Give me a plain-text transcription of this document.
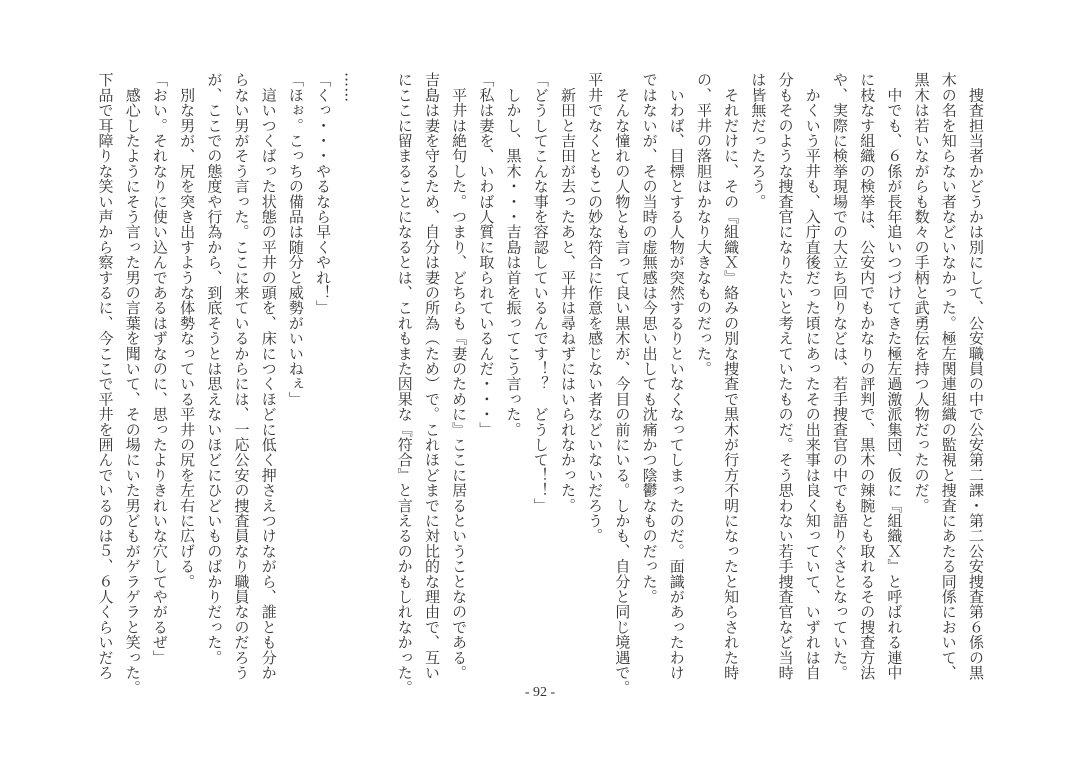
　捜査担当者かどうかは別にして、公安職員の中で公安第二課・第二公安捜査第６係の黒
木の名を知らない者などいなかった。極左関連組織の監視と捜査にあたる同係において、
黒木は若いながらも数々の手柄と武勇伝を持つ人物だったのだ。
　中でも、６係が長年追いつづけてきた極左過激派集団、仮に『組織Ｘ』と呼ばれる連中
に枝なす組織の検挙は、公安内でもかなりの評判で、黒木の辣腕とも取れるその捜査方法
や、実際に検挙現場での大立ち回りなどは、若手捜査官の中でも語りぐさとなっていた。
　かくいう平井も、入庁直後だった頃にあったその出来事は良く知っていて、いずれは自
分もそのような捜査官になりたいと考えていたものだ。そう思わない若手捜査官など当時
は皆無だったろう。
　それだけに、その『組織Ｘ』絡みの別な捜査で黒木が行方不明になったと知らされた時
の、平井の落胆はかなり大きなものだった。
　いわば、目標とする人物が突然するりといなくなってしまったのだ。面識があったわけ
ではないが、その当時の虚無感は今思い出しても沈痛かつ陰鬱なものだった。
　そんな憧れの人物とも言って良い黒木が、今目の前にいる。しかも、自分と同じ境遇で。
平井でなくともこの妙な符合に作意を感じない者などいないだろう。
　新田と吉田が去ったあと、平井は尋ねずにはいられなかった。
「どうしてこんな事を容認しているんです！？　どうして！！」
　しかし、黒木・・・吉島は首を振ってこう言った。
「私は妻を、いわば人質に取られているんだ・・・」
　平井は絶句した。つまり、どちらも『妻のために』ここに居るということなのである。
吉島は妻を守るため、自分は妻の所為（ため）で。これほどまでに対比的な理由で、互い
にここに留まることになるとは、これもまた因果な『符合』と言えるのかもしれなかった。
……
「くっ・・・やるなら早くやれ！」
「ほぉ。こっちの備品は随分と威勢がいいねぇ」
　這いつくばった状態の平井の頭を、床につくほどに低く押さえつけながら、誰とも分か
らない男がそう言った。ここに来ているからには、一応公安の捜査員なり職員なのだろう
が、ここでの態度や行為から、到底そうとは思えないほどにひどいものばかりだった。
　別な男が、尻を突き出すような体勢なっている平井の尻を左右に広げる。
「おい。それなりに使い込んであるはずなのに、思ったよりきれいな穴してやがるぜ」
　感心したようにそう言った男の言葉を聞いて、その場にいた男どもがゲラゲラと笑った。
下品で耳障りな笑い声から察するに、今ここで平井を囲んでいるのは５、６人くらいだろ
- 92 -
